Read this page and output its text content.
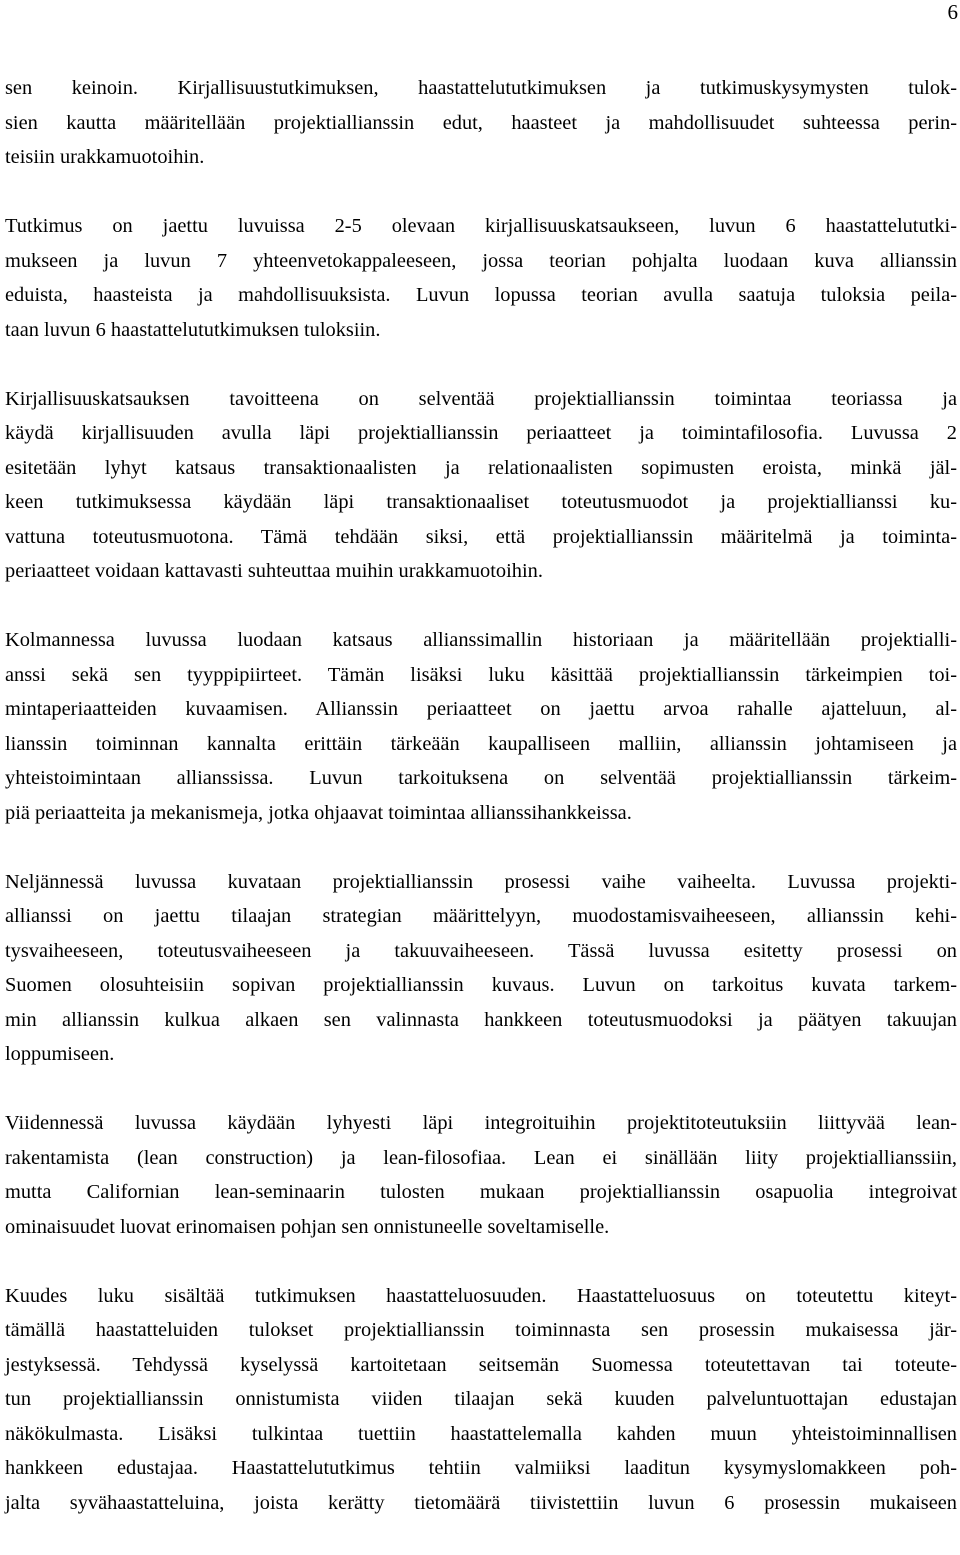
6
sen keinoin. Kirjallisuustutkimuksen, haastattelututkimuksen ja tutkimuskysymysten tulok-
sien kautta määritellään projektiallianssin edut, haasteet ja mahdollisuudet suhteessa perin-
teisiin urakkamuotoihin.
Tutkimus on jaettu luvuissa 2-5 olevaan kirjallisuuskatsaukseen, luvun 6 haastattelututki-
mukseen ja luvun 7 yhteenvetokappaleeseen, jossa teorian pohjalta luodaan kuva allianssin
eduista, haasteista ja mahdollisuuksista. Luvun lopussa teorian avulla saatuja tuloksia peila-
taan luvun 6 haastattelututkimuksen tuloksiin.
Kirjallisuuskatsauksen tavoitteena on selventää projektiallianssin toimintaa teoriassa ja
käydä kirjallisuuden avulla läpi projektiallianssin periaatteet ja toimintafilosofia. Luvussa 2
esitetään lyhyt katsaus transaktionaalisten ja relationaalisten sopimusten eroista, minkä jäl-
keen tutkimuksessa käydään läpi transaktionaaliset toteutusmuodot ja projektiallianssi ku-
vattuna toteutusmuotona. Tämä tehdään siksi, että projektiallianssin määritelmä ja toiminta-
periaatteet voidaan kattavasti suhteuttaa muihin urakkamuotoihin.
Kolmannessa luvussa luodaan katsaus allianssimallin historiaan ja määritellään projektialli-
anssi sekä sen tyyppipiirteet. Tämän lisäksi luku käsittää projektiallianssin tärkeimpien toi-
mintaperiaatteiden kuvaamisen. Allianssin periaatteet on jaettu arvoa rahalle ajatteluun, al-
lianssin toiminnan kannalta erittäin tärkeään kaupalliseen malliin, allianssin johtamiseen ja
yhteistoimintaan allianssissa. Luvun tarkoituksena on selventää projektiallianssin tärkeim-
piä periaatteita ja mekanismeja, jotka ohjaavat toimintaa allianssihankkeissa.
Neljännessä luvussa kuvataan projektiallianssin prosessi vaihe vaiheelta. Luvussa projekti-
allianssi on jaettu tilaajan strategian määrittelyyn, muodostamisvaiheeseen, allianssin kehi-
tysvaiheeseen, toteutusvaiheeseen ja takuuvaiheeseen. Tässä luvussa esitetty prosessi on
Suomen olosuhteisiin sopivan projektiallianssin kuvaus. Luvun on tarkoitus kuvata tarkem-
min allianssin kulkua alkaen sen valinnasta hankkeen toteutusmuodoksi ja päätyen takuujan
loppumiseen.
Viidennessä luvussa käydään lyhyesti läpi integroituihin projektitoteutuksiin liittyvää lean-
rakentamista (lean construction) ja lean-filosofiaa. Lean ei sinällään liity projektiallianssiin,
mutta Californian lean-seminaarin tulosten mukaan projektiallianssin osapuolia integroivat
ominaisuudet luovat erinomaisen pohjan sen onnistuneelle soveltamiselle.
Kuudes luku sisältää tutkimuksen haastatteluosuuden. Haastatteluosuus on toteutettu kiteyt-
tämällä haastatteluiden tulokset projektiallianssin toiminnasta sen prosessin mukaisessa jär-
jestyksessä. Tehdyssä kyselyssä kartoitetaan seitsemän Suomessa toteutettavan tai toteute-
tun projektiallianssin onnistumista viiden tilaajan sekä kuuden palveluntuottajan edustajan
näkökulmasta. Lisäksi tulkintaa tuettiin haastattelemalla kahden muun yhteistoiminnallisen
hankkeen edustajaa. Haastattelututkimus tehtiin valmiiksi laaditun kysymyslomakkeen poh-
jalta syvähaastatteluina, joista kerätty tietomäärä tiivistettiin luvun 6 prosessin mukaiseen
